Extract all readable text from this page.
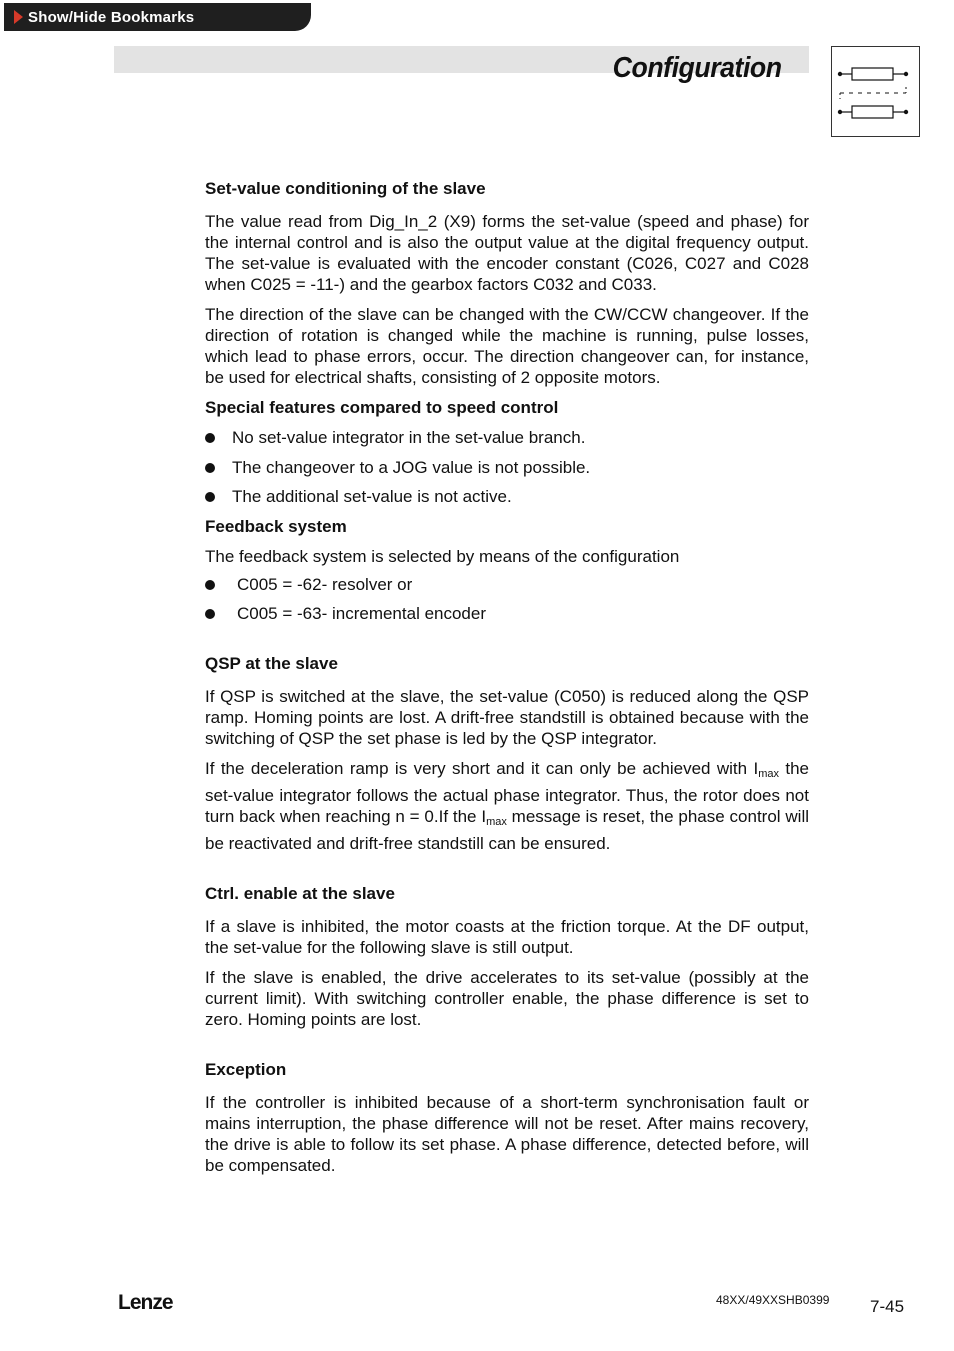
Show/Hide Bookmarks
Configuration
Set-value conditioning of the slave

The value read from Dig_In_2 (X9) forms the set-value (speed and phase) for the internal control and is also the output value at the digital frequency output. The set-value is evaluated with the encoder constant (C026, C027 and C028 when C025 = -11-) and the gearbox factors C032 and C033.

The direction of the slave can be changed with the CW/CCW changeover. If the direction of rotation is changed while the machine is running, pulse losses, which lead to phase errors, occur. The direction changeover can, for instance, be used for electrical shafts, consisting of 2 opposite motors.

Special features compared to speed control
No set-value integrator in the set-value branch.
The changeover to a JOG value is not possible.
The additional set-value is not active.
Feedback system

The feedback system is selected by means of the configuration

C005 = -62- resolver or
C005 = -63- incremental encoder
QSP at the slave

If QSP is switched at the slave, the set-value (C050) is reduced along the QSP ramp. Homing points are lost. A drift-free standstill is obtained because with the switching of QSP the set phase is led by the QSP integrator.

If the deceleration ramp is very short and it can only be achieved with $I_{max}$ the set-value integrator follows the actual phase integrator. Thus, the rotor does not turn back when reaching n = 0.If the $I_{max}$ message is reset, the phase control will be reactivated and drift-free standstill can be ensured.

Ctrl. enable at the slave

If a slave is inhibited, the motor coasts at the friction torque. At the DF output, the set-value for the following slave is still output.

If the slave is enabled, the drive accelerates to its set-value (possibly at the current limit). With switching controller enable, the phase difference is set to zero. Homing points are lost.

Exception

If the controller is inhibited because of a short-term synchronisation fault or mains interruption, the phase difference will not be reset. After mains recovery, the drive is able to follow its set phase. A phase difference, detected before, will be compensated.

Lenze	48XX/49XXSHB0399 7-45
